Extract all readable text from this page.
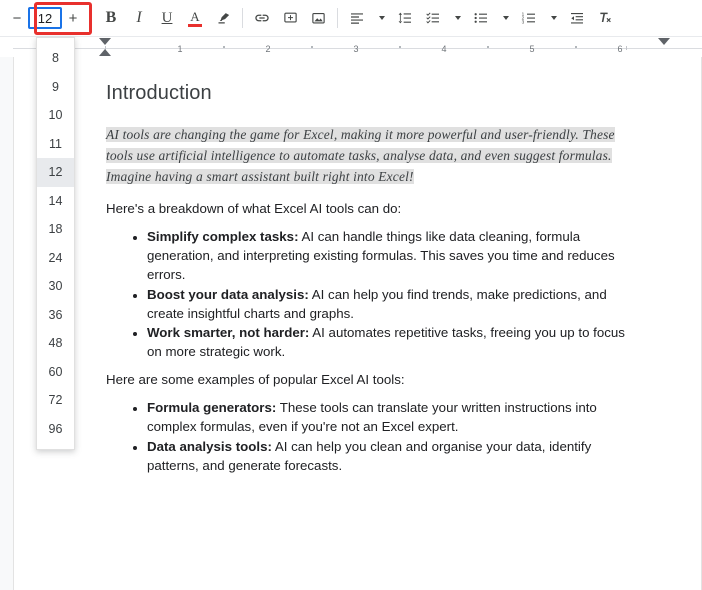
−	12	+	B	I	U	A	1
2
3
8
9
10
11
12
14
18
24
30
36
48
60
72
96
1	2	3	4	5	6
Introduction

AI tools are changing the game for Excel, making it more powerful and user-friendly. These tools use artificial intelligence to automate tasks, analyse data, and even suggest formulas. Imagine having a smart assistant built right into Excel!

Here's a breakdown of what Excel AI tools can do:

• Simplify complex tasks: AI can handle things like data cleaning, formula generation, and interpreting existing formulas. This saves you time and reduces errors.
• Boost your data analysis: AI can help you find trends, make predictions, and create insightful charts and graphs.
• Work smarter, not harder: AI automates repetitive tasks, freeing you up to focus on more strategic work.

Here are some examples of popular Excel AI tools:

• Formula generators: These tools can translate your written instructions into complex formulas, even if you're not an Excel expert.
• Data analysis tools: AI can help you clean and organise your data, identify patterns, and generate forecasts.
